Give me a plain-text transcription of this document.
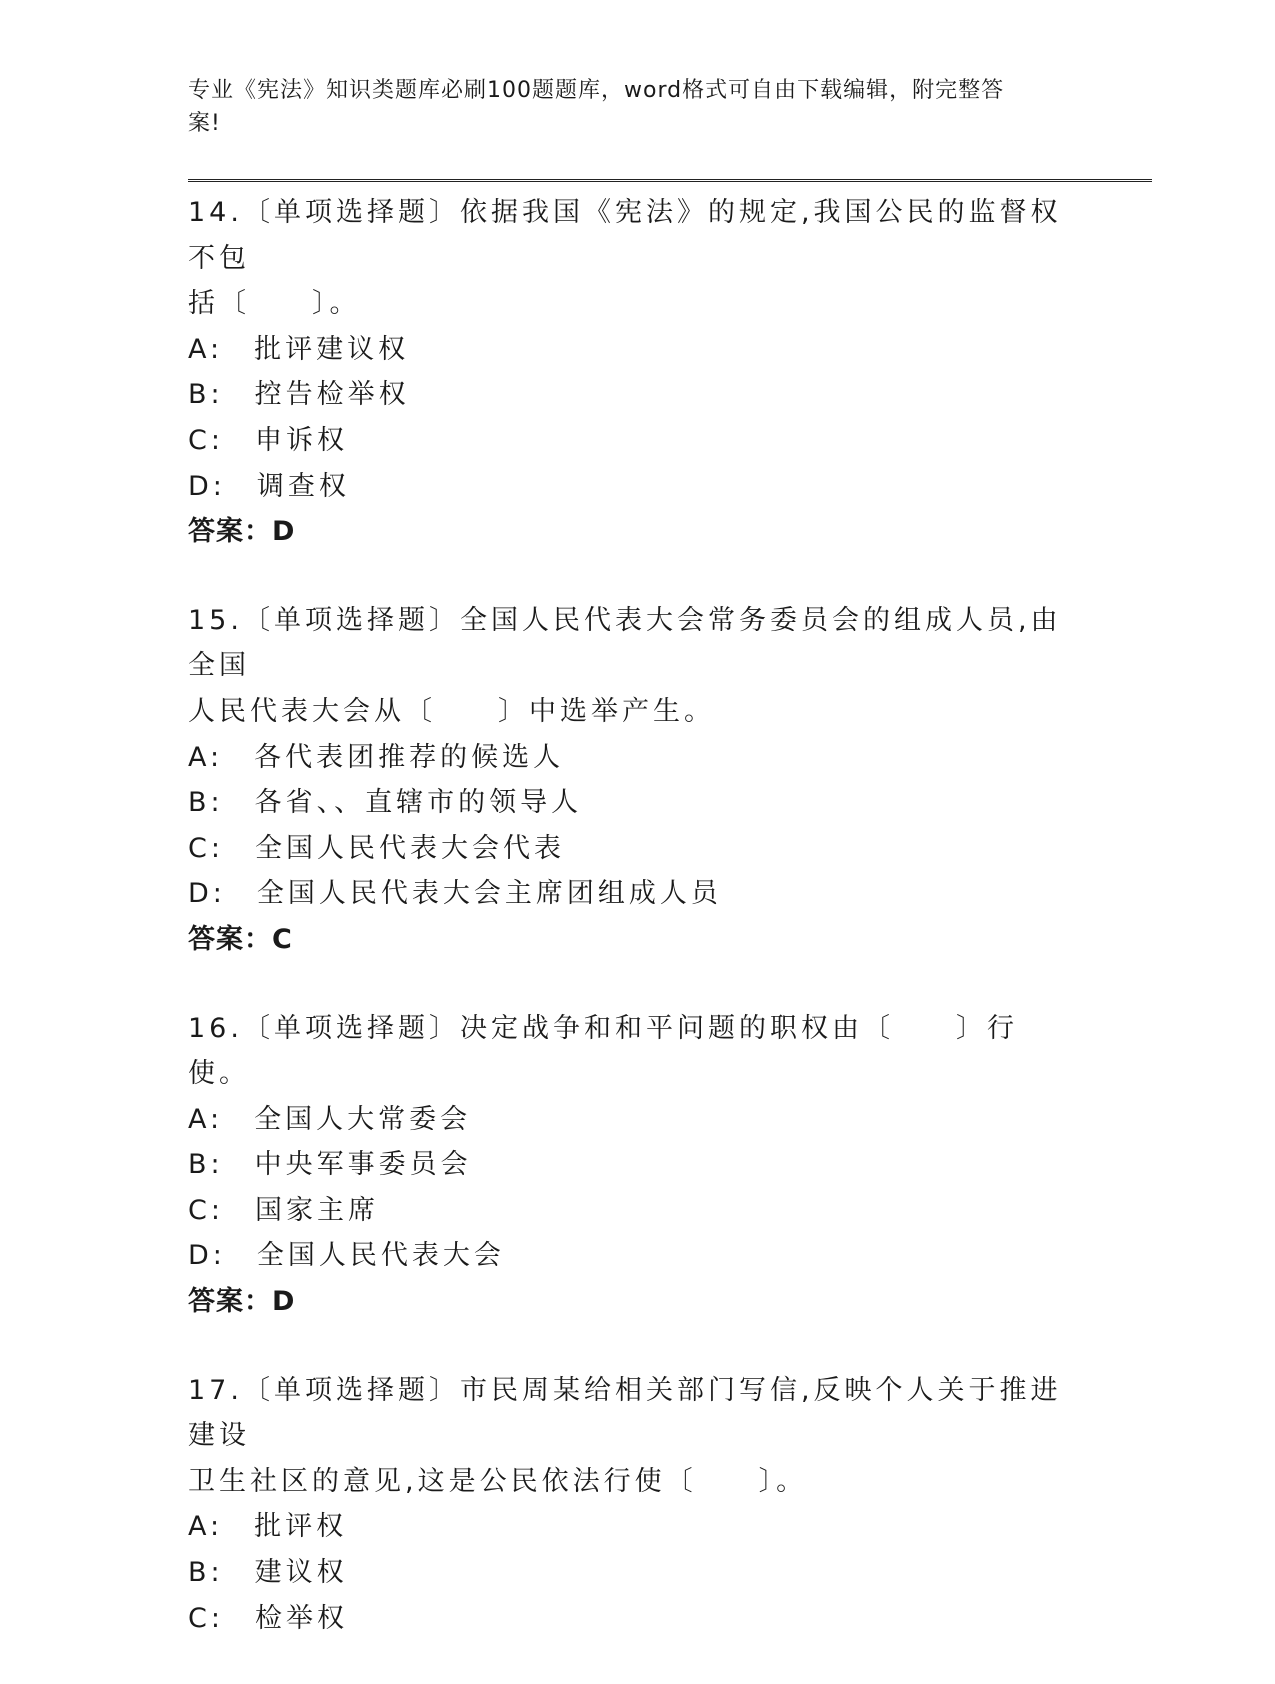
专业《宪法》知识类题库必刷100题题库，word格式可自由下载编辑，附完整答
案!
14.〔单项选择题〕依据我国《宪法》的规定,我国公民的监督权不包
括〔　　〕。
A:　批评建议权
B:　控告检举权
C:　申诉权
D:　调查权
答案：D
15.〔单项选择题〕全国人民代表大会常务委员会的组成人员,由全国
人民代表大会从〔　　〕中选举产生。
A:　各代表团推荐的候选人
B:　各省、、直辖市的领导人
C:　全国人民代表大会代表
D:　全国人民代表大会主席团组成人员
答案：C
16.〔单项选择题〕决定战争和和平问题的职权由〔　　〕行使。
A:　全国人大常委会
B:　中央军事委员会
C:　国家主席
D:　全国人民代表大会
答案：D
17.〔单项选择题〕市民周某给相关部门写信,反映个人关于推进建设
卫生社区的意见,这是公民依法行使〔　　〕。
A:　批评权
B:　建议权
C:　检举权
